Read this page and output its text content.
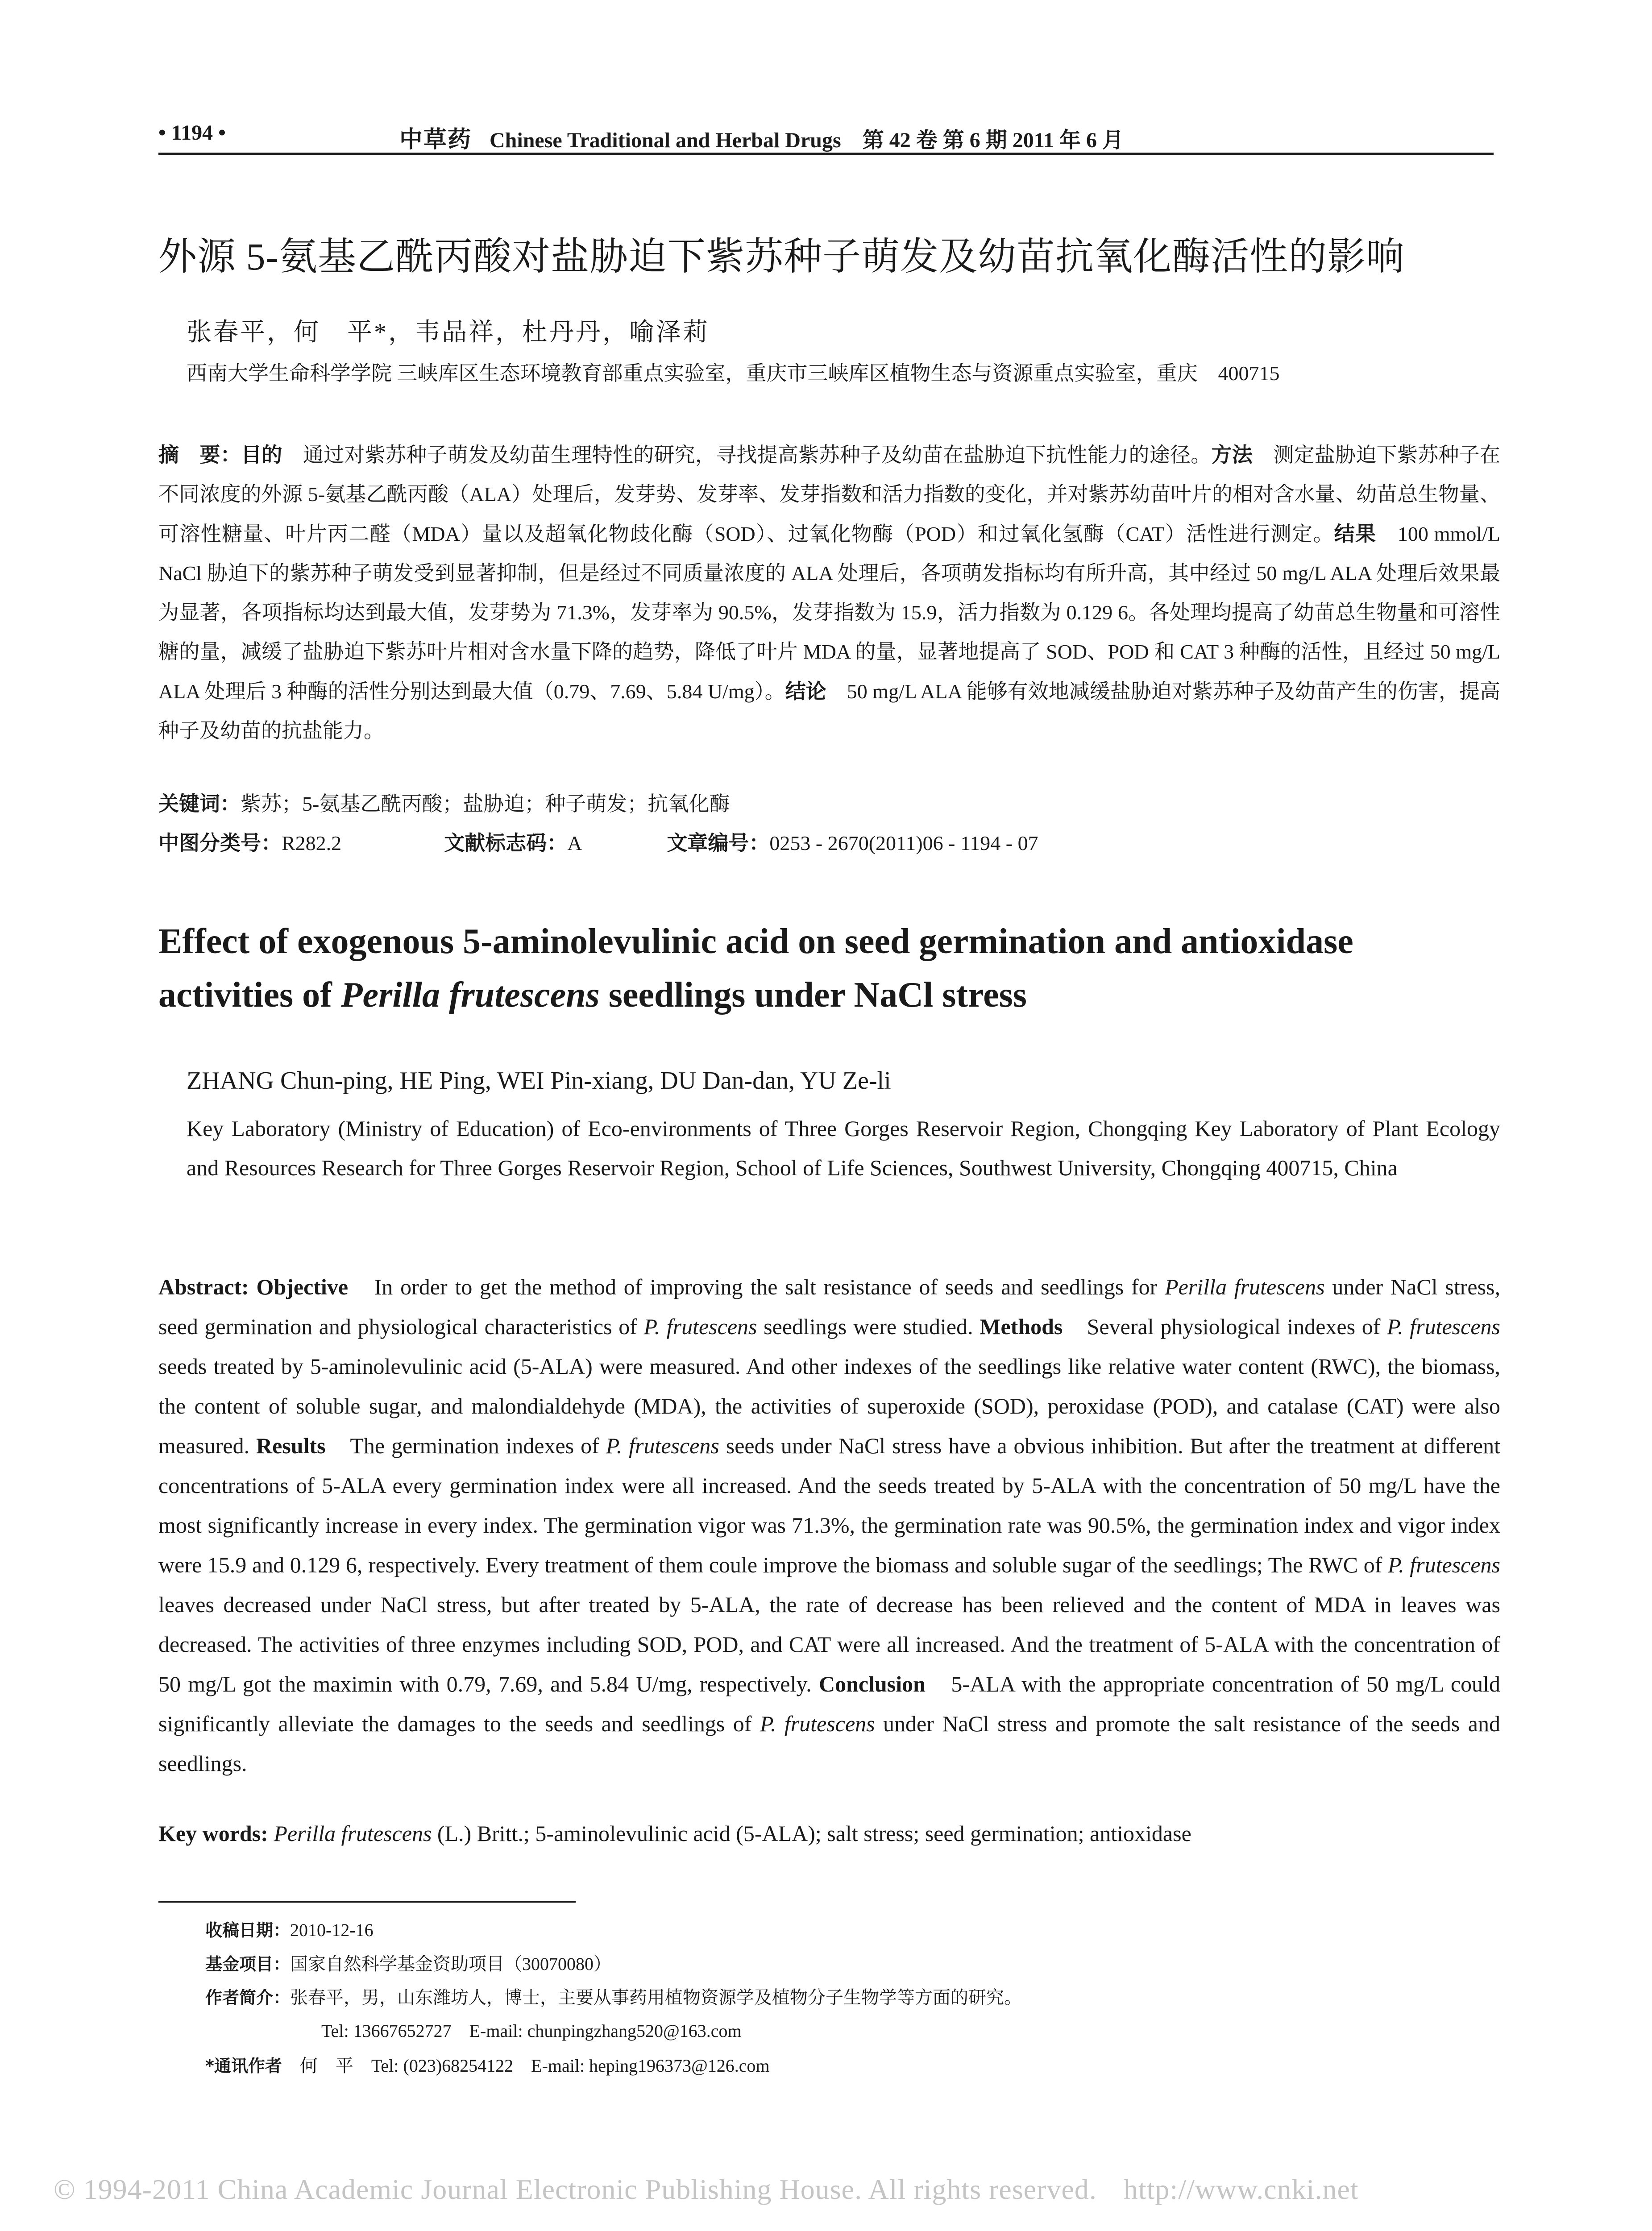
• 1194 •	中草药 Chinese Traditional and Herbal Drugs　 第 42 卷 第 6 期 2011 年 6 月
外源 5-氨基乙酰丙酸对盐胁迫下紫苏种子萌发及幼苗抗氧化酶活性的影响
张春平，何　平*，韦品祥，杜丹丹，喻泽莉
西南大学生命科学学院 三峡库区生态环境教育部重点实验室，重庆市三峡库区植物生态与资源重点实验室，重庆　400715
摘　要：目的　通过对紫苏种子萌发及幼苗生理特性的研究，寻找提高紫苏种子及幼苗在盐胁迫下抗性能力的途径。方法　测定盐胁迫下紫苏种子在不同浓度的外源 5-氨基乙酰丙酸（ALA）处理后，发芽势、发芽率、发芽指数和活力指数的变化，并对紫苏幼苗叶片的相对含水量、幼苗总生物量、可溶性糖量、叶片丙二醛（MDA）量以及超氧化物歧化酶（SOD）、过氧化物酶（POD）和过氧化氢酶（CAT）活性进行测定。结果　100 mmol/L NaCl 胁迫下的紫苏种子萌发受到显著抑制，但是经过不同质量浓度的 ALA 处理后，各项萌发指标均有所升高，其中经过 50 mg/L ALA 处理后效果最为显著，各项指标均达到最大值，发芽势为 71.3%，发芽率为 90.5%，发芽指数为 15.9，活力指数为 0.129 6。各处理均提高了幼苗总生物量和可溶性糖的量，减缓了盐胁迫下紫苏叶片相对含水量下降的趋势，降低了叶片 MDA 的量，显著地提高了 SOD、POD 和 CAT 3 种酶的活性，且经过 50 mg/L ALA 处理后 3 种酶的活性分别达到最大值（0.79、7.69、5.84 U/mg）。结论　50 mg/L ALA 能够有效地减缓盐胁迫对紫苏种子及幼苗产生的伤害，提高种子及幼苗的抗盐能力。
关键词：紫苏；5-氨基乙酰丙酸；盐胁迫；种子萌发；抗氧化酶
中图分类号：R282.2	文献标志码：A	文章编号：0253 - 2670(2011)06 - 1194 - 07
Effect of exogenous 5-aminolevulinic acid on seed germination and antioxidase activities of Perilla frutescens seedlings under NaCl stress
ZHANG Chun-ping, HE Ping, WEI Pin-xiang, DU Dan-dan, YU Ze-li
Key Laboratory (Ministry of Education) of Eco-environments of Three Gorges Reservoir Region, Chongqing Key Laboratory of Plant Ecology and Resources Research for Three Gorges Reservoir Region, School of Life Sciences, Southwest University, Chongqing 400715, China
Abstract: Objective　In order to get the method of improving the salt resistance of seeds and seedlings for Perilla frutescens under NaCl stress, seed germination and physiological characteristics of P. frutescens seedlings were studied. Methods　Several physiological indexes of P. frutescens seeds treated by 5-aminolevulinic acid (5-ALA) were measured. And other indexes of the seedlings like relative water content (RWC), the biomass, the content of soluble sugar, and malondialdehyde (MDA), the activities of superoxide (SOD), peroxidase (POD), and catalase (CAT) were also measured. Results　The germination indexes of P. frutescens seeds under NaCl stress have a obvious inhibition. But after the treatment at different concentrations of 5-ALA every germination index were all increased. And the seeds treated by 5-ALA with the concentration of 50 mg/L have the most significantly increase in every index. The germination vigor was 71.3%, the germination rate was 90.5%, the germination index and vigor index were 15.9 and 0.129 6, respectively. Every treatment of them coule improve the biomass and soluble sugar of the seedlings; The RWC of P. frutescens leaves decreased under NaCl stress, but after treated by 5-ALA, the rate of decrease has been relieved and the content of MDA in leaves was decreased. The activities of three enzymes including SOD, POD, and CAT were all increased. And the treatment of 5-ALA with the concentration of 50 mg/L got the maximin with 0.79, 7.69, and 5.84 U/mg, respectively. Conclusion　5-ALA with the appropriate concentration of 50 mg/L could significantly alleviate the damages to the seeds and seedlings of P. frutescens under NaCl stress and promote the salt resistance of the seeds and seedlings.
Key words: Perilla frutescens (L.) Britt.; 5-aminolevulinic acid (5-ALA); salt stress; seed germination; antioxidase
收稿日期：2010-12-16
基金项目：国家自然科学基金资助项目（30070080）
作者简介：张春平，男，山东潍坊人，博士，主要从事药用植物资源学及植物分子生物学等方面的研究。
Tel: 13667652727　E-mail: chunpingzhang520@163.com
*通讯作者　 何　平　Tel: (023)68254122　E-mail: heping196373@126.com
© 1994-2011 China Academic Journal Electronic Publishing House. All rights reserved. http://www.cnki.net
